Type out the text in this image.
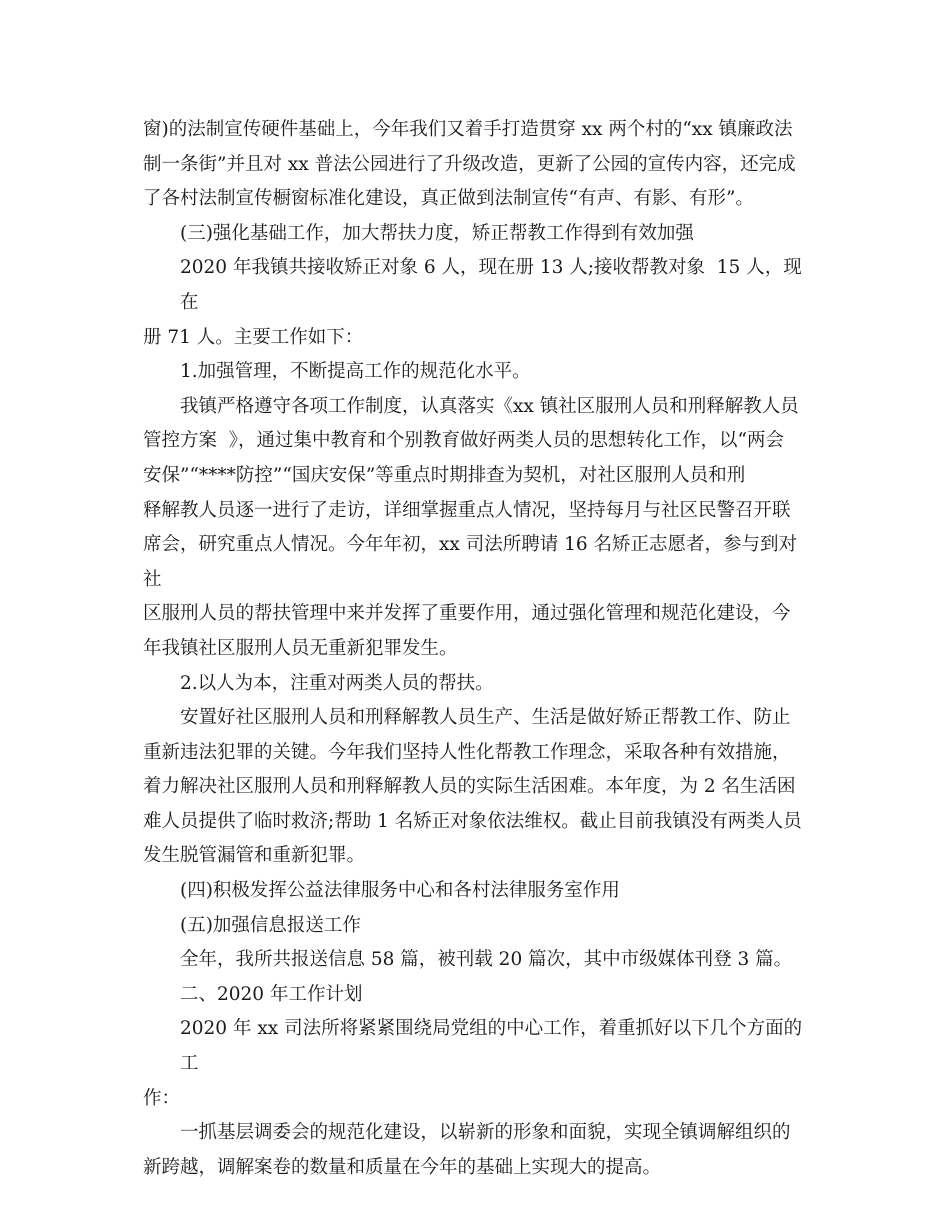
窗)的法制宣传硬件基础上，今年我们又着手打造贯穿 xx 两个村的“xx 镇廉政法
制一条街”并且对 xx 普法公园进行了升级改造，更新了公园的宣传内容，还完成
了各村法制宣传橱窗标准化建设，真正做到法制宣传“有声、有影、有形”。
(三)强化基础工作，加大帮扶力度，矫正帮教工作得到有效加强
2020 年我镇共接收矫正对象 6 人，现在册 13 人;接收帮教对象  15 人，现在
册 71 人。主要工作如下：
1.加强管理，不断提高工作的规范化水平。
我镇严格遵守各项工作制度，认真落实《xx 镇社区服刑人员和刑释解教人员
管控方案  》，通过集中教育和个别教育做好两类人员的思想转化工作，以“两会
安保”“****防控”“国庆安保”等重点时期排查为契机，对社区服刑人员和刑
释解教人员逐一进行了走访，详细掌握重点人情况，坚持每月与社区民警召开联
席会，研究重点人情况。今年年初，xx 司法所聘请 16 名矫正志愿者，参与到对社
区服刑人员的帮扶管理中来并发挥了重要作用，通过强化管理和规范化建设，今
年我镇社区服刑人员无重新犯罪发生。
2.以人为本，注重对两类人员的帮扶。
安置好社区服刑人员和刑释解教人员生产、生活是做好矫正帮教工作、防止
重新违法犯罪的关键。今年我们坚持人性化帮教工作理念，采取各种有效措施，
着力解决社区服刑人员和刑释解教人员的实际生活困难。本年度，为 2 名生活困
难人员提供了临时救济;帮助 1 名矫正对象依法维权。截止目前我镇没有两类人员
发生脱管漏管和重新犯罪。
(四)积极发挥公益法律服务中心和各村法律服务室作用
(五)加强信息报送工作
全年，我所共报送信息 58 篇，被刊载 20 篇次，其中市级媒体刊登 3 篇。
二、2020 年工作计划
2020 年 xx 司法所将紧紧围绕局党组的中心工作，着重抓好以下几个方面的工
作：
一抓基层调委会的规范化建设，以崭新的形象和面貌，实现全镇调解组织的
新跨越，调解案卷的数量和质量在今年的基础上实现大的提高。
